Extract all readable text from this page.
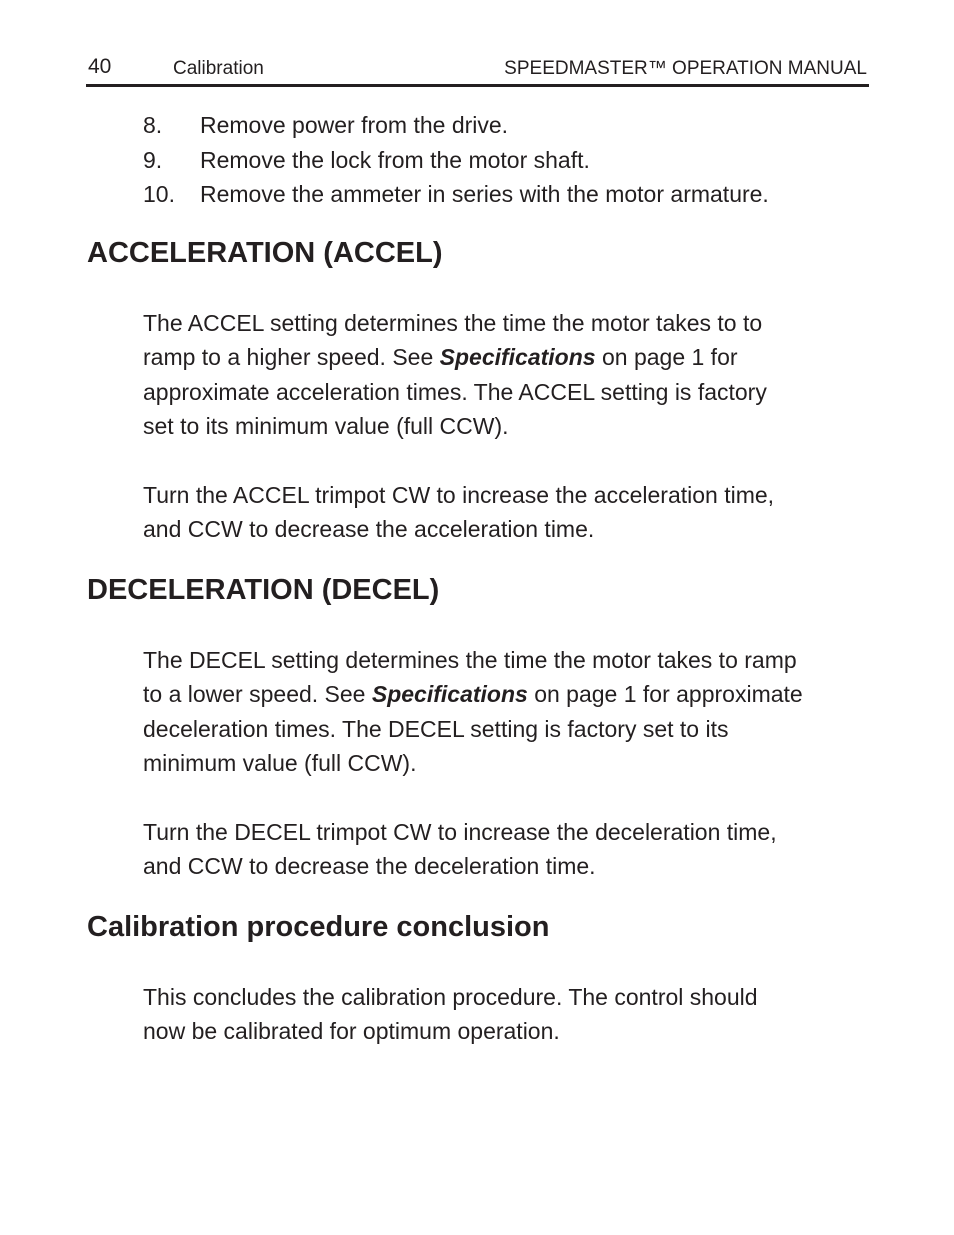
40	Calibration	SPEEDMASTER™ OPERATION MANUAL
8. Remove power from the drive.
9. Remove the lock from the motor shaft.
10. Remove the ammeter in series with the motor armature.
ACCELERATION (ACCEL)
The ACCEL setting determines the time the motor takes to to
ramp to a higher speed. See Specifications on page 1 for
approximate acceleration times. The ACCEL setting is factory
set to its minimum value (full CCW).
Turn the ACCEL trimpot CW to increase the acceleration time,
and CCW to decrease the acceleration time.
DECELERATION (DECEL)
The DECEL setting determines the time the motor takes to ramp
to a lower speed. See Specifications on page 1 for approximate
deceleration times. The DECEL setting is factory set to its
minimum value (full CCW).
Turn the DECEL trimpot CW to increase the deceleration time,
and CCW to decrease the deceleration time.
Calibration procedure conclusion
This concludes the calibration procedure. The control should
now be calibrated for optimum operation.
